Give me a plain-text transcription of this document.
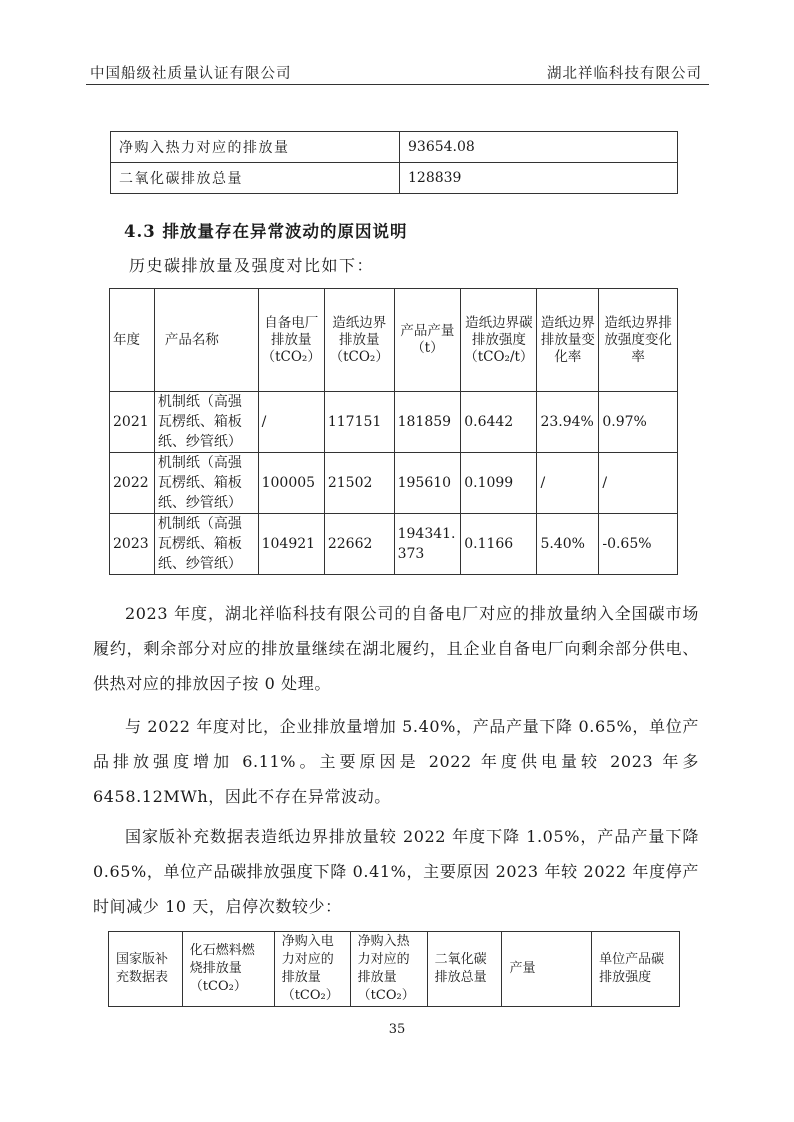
中国船级社质量认证有限公司	湖北祥临科技有限公司
净购入热力对应的排放量	93654.08
二氧化碳排放总量	128839
4.3 排放量存在异常波动的原因说明
历史碳排放量及强度对比如下：
年度	产品名称	自备电厂排放量（tCO₂）	造纸边界排放量（tCO₂）	产品产量（t）	造纸边界碳排放强度（tCO₂/t）	造纸边界排放量变化率	造纸边界排放强度变化率
2021	机制纸（高强瓦楞纸、箱板纸、纱管纸）	/	117151	181859	0.6442	23.94%	0.97%
2022	机制纸（高强瓦楞纸、箱板纸、纱管纸）	100005	21502	195610	0.1099	/	/
2023	机制纸（高强瓦楞纸、箱板纸、纱管纸）	104921	22662	194341.373	0.1166	5.40%	-0.65%

2023 年度，湖北祥临科技有限公司的自备电厂对应的排放量纳入全国碳市场履约，剩余部分对应的排放量继续在湖北履约，且企业自备电厂向剩余部分供电、供热对应的排放因子按 0 处理。

与 2022 年度对比，企业排放量增加 5.40%，产品产量下降 0.65%，单位产品排放强度增加 6.11%。主要原因是 2022 年度供电量较 2023 年多 6458.12MWh，因此不存在异常波动。

国家版补充数据表造纸边界排放量较 2022 年度下降 1.05%，产品产量下降 0.65%，单位产品碳排放强度下降 0.41%，主要原因 2023 年较 2022 年度停产时间减少 10 天，启停次数较少：

国家版补充数据表	化石燃料燃烧排放量（tCO₂）	净购入电力对应的排放量（tCO₂）	净购入热力对应的排放量（tCO₂）	二氧化碳排放总量	产量	单位产品碳排放强度
35
